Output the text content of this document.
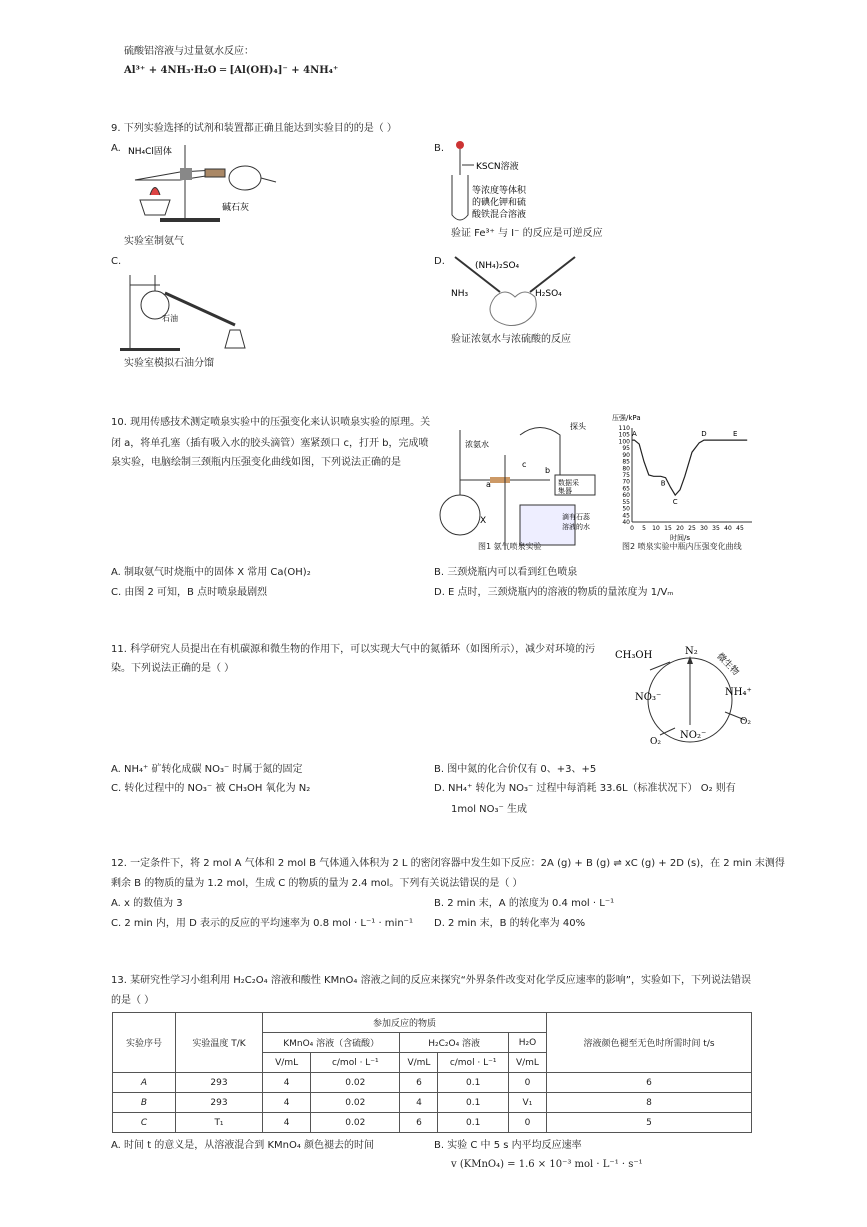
硫酸铝溶液与过量氨水反应：
Al³⁺ + 4NH₃·H₂O ═ [Al(OH)₄]⁻ + 4NH₄⁺
9. 下列实验选择的试剂和装置都正确且能达到实验目的的是（ ）
A. NH₄Cl固体
碱石灰
实验室制氨气
B.
KSCN溶液
等浓度等体积
的碘化钾和硫
酸铁混合溶液
验证 Fe³⁺ 与 I⁻ 的反应是可逆反应
C.
石油
实验室模拟石油分馏
D.	(NH₄)₂SO₄
NH₃	H₂SO₄
验证浓氨水与浓硫酸的反应
10. 现用传感技术测定喷泉实验中的压强变化来认识喷泉实验的原理。关
闭 a，将单孔塞（插有吸入水的胶头滴管）塞紧颈口 c，打开 b，完成喷
泉实验，电脑绘制三颈瓶内压强变化曲线如图，下列说法正确的是
浓氨水
a
b
c
X
探头
数据采
集器
滴有石蕊
溶液的水
图1 氨气喷泉实验
压强/kPa
时间/s
0 5 10 15 20 25 30 35 40 45
40
45
50
55
60
65
70
75
80
85
90
95
100
105
110
A
B
C
D	E
图2 喷泉实验中瓶内压强变化曲线
A. 制取氨气时烧瓶中的固体 X 常用 Ca(OH)₂	B. 三颈烧瓶内可以看到红色喷泉
C. 由图 2 可知，B 点时喷泉最剧烈	D. E 点时，三颈烧瓶内的溶液的物质的量浓度为 1/Vₘ
11. 科学研究人员提出在有机碳源和微生物的作用下，可以实现大气中的氮循环（如图所示），减少对环境的污
染。下列说法正确的是（ ）
CH₃OH	N₂
微生物
NH₄⁺
NO₃⁻
NO₂⁻
O₂
O₂
A. NH₄⁺ 矿转化成碳 NO₃⁻ 时属于氮的固定	B. 图中氮的化合价仅有 0、+3、+5
C. 转化过程中的 NO₃⁻ 被 CH₃OH 氧化为 N₂	D. NH₄⁺ 转化为 NO₃⁻ 过程中每消耗 33.6L（标准状况下） O₂ 则有
1mol NO₃⁻ 生成
12. 一定条件下，将 2 mol A 气体和 2 mol B 气体通入体积为 2 L 的密闭容器中发生如下反应：2A (g) + B (g) ⇌ xC (g) + 2D (s)，在 2 min 末测得
剩余 B 的物质的量为 1.2 mol，生成 C 的物质的量为 2.4 mol。下列有关说法错误的是（ ）
A. x 的数值为 3	B. 2 min 末，A 的浓度为 0.4 mol · L⁻¹
C. 2 min 内，用 D 表示的反应的平均速率为 0.8 mol · L⁻¹ · min⁻¹ D. 2 min 末，B 的转化率为 40%
13. 某研究性学习小组利用 H₂C₂O₄ 溶液和酸性 KMnO₄ 溶液之间的反应来探究“外界条件改变对化学反应速率的影响”，实验如下，下列说法错误
的是（ ）
实验序号	实验温度 T/K	参加反应的物质					溶液颜色褪至无色时所需时间 t/s
		KMnO₄ 溶液（含硫酸）		H₂C₂O₄ 溶液		H₂O	
		V/mL	c/mol · L⁻¹	V/mL	c/mol · L⁻¹	V/mL	
A	293	4	0.02	6	0.1	0	6
B	293	4	0.02	4	0.1	V₁	8
C	T₁	4	0.02	6	0.1	0	5
A. 时间 t 的意义是，从溶液混合到 KMnO₄ 颜色褪去的时间	B. 实验 C 中 5 s 内平均反应速率
v (KMnO₄) = 1.6 × 10⁻³ mol · L⁻¹ · s⁻¹
